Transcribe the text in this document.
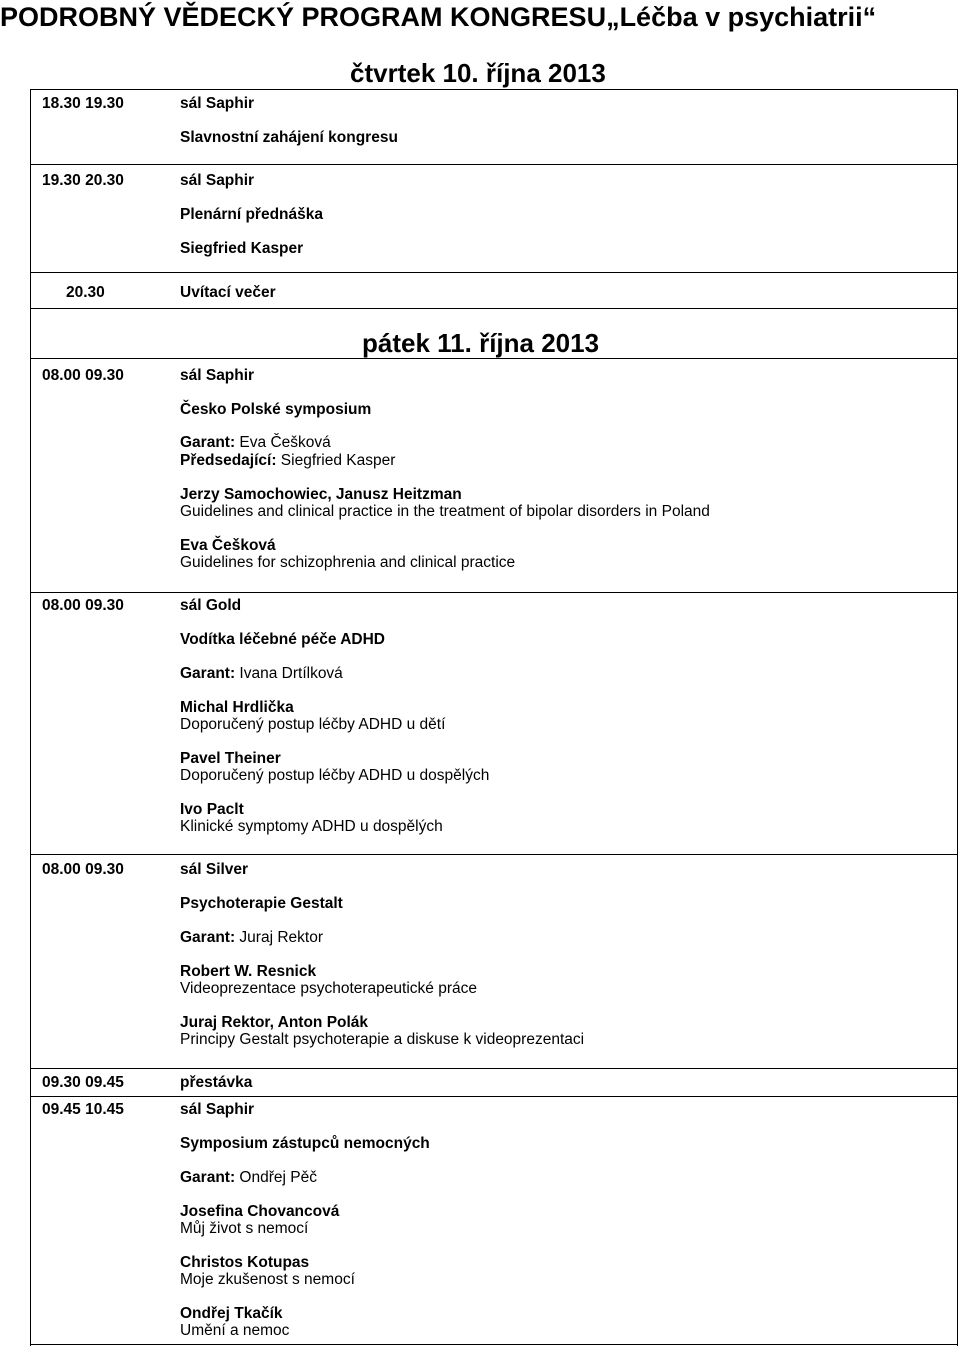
PODROBNÝ VĚDECKÝ PROGRAM KONGRESU„Léčba v psychiatrii“
čtvrtek 10. října 2013
18.30 19.30	sál Saphir
Slavnostní zahájení kongresu
19.30 20.30	sál Saphir
Plenární přednáška
Siegfried Kasper
20.30	Uvítací večer
pátek 11. října 2013
08.00 09.30	sál Saphir
Česko Polské symposium
Garant: Eva Češková
Předsedající: Siegfried Kasper
Jerzy Samochowiec, Janusz Heitzman
Guidelines and clinical practice in the treatment of bipolar disorders in Poland
Eva Češková
Guidelines for schizophrenia and clinical practice
08.00 09.30	sál Gold
Vodítka léčebné péče ADHD
Garant: Ivana Drtílková
Michal Hrdlička
Doporučený postup léčby ADHD u dětí
Pavel Theiner
Doporučený postup léčby ADHD u dospělých
Ivo Paclt
Klinické symptomy ADHD u dospělých
08.00 09.30	sál Silver
Psychoterapie Gestalt
Garant: Juraj Rektor
Robert W. Resnick
Videoprezentace psychoterapeutické práce
Juraj Rektor, Anton Polák
Principy Gestalt psychoterapie a diskuse k videoprezentaci
09.30 09.45	přestávka
09.45 10.45	sál Saphir
Symposium zástupců nemocných
Garant: Ondřej Pěč
Josefina Chovancová
Můj život s nemocí
Christos Kotupas
Moje zkušenost s nemocí
Ondřej Tkačík
Umění a nemoc
